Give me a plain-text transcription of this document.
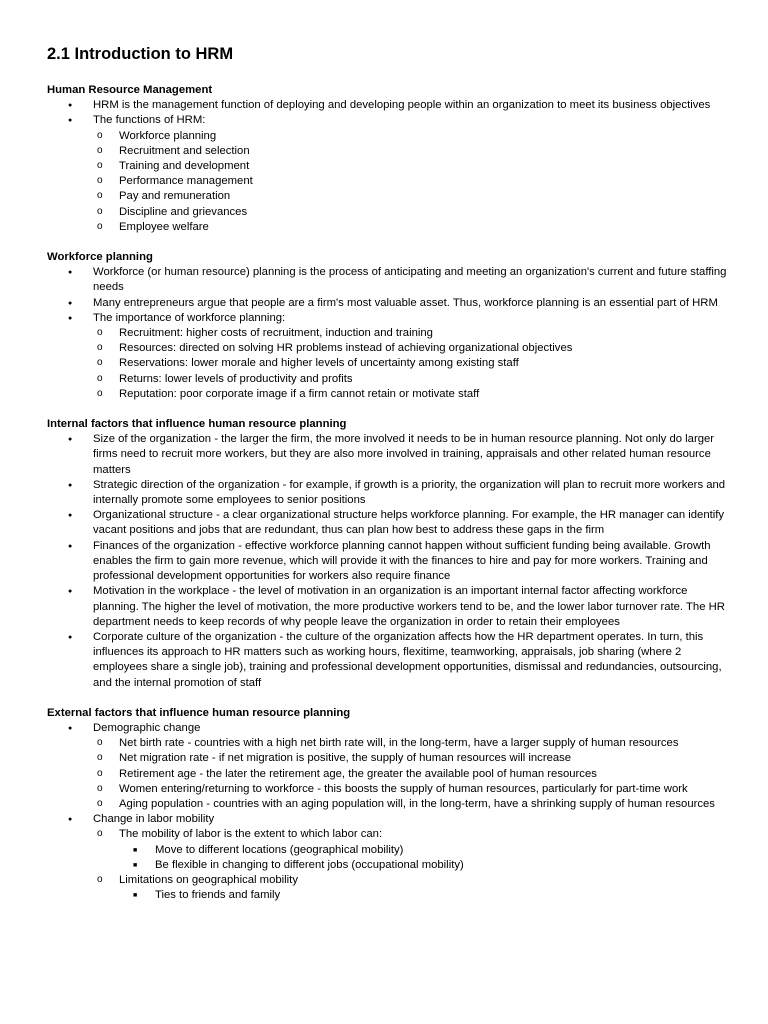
2.1 Introduction to HRM
Human Resource Management
● HRM is the management function of deploying and developing people within an organization to meet its business objectives
● The functions of HRM:
o Workforce planning
o Recruitment and selection
o Training and development
o Performance management
o Pay and remuneration
o Discipline and grievances
o Employee welfare
Workforce planning
● Workforce (or human resource) planning is the process of anticipating and meeting an organization's current and future staffing needs
● Many entrepreneurs argue that people are a firm's most valuable asset. Thus, workforce planning is an essential part of HRM
● The importance of workforce planning:
o Recruitment: higher costs of recruitment, induction and training
o Resources: directed on solving HR problems instead of achieving organizational objectives
o Reservations: lower morale and higher levels of uncertainty among existing staff
o Returns: lower levels of productivity and profits
o Reputation: poor corporate image if a firm cannot retain or motivate staff
Internal factors that influence human resource planning
● Size of the organization - the larger the firm, the more involved it needs to be in human resource planning. Not only do larger firms need to recruit more workers, but they are also more involved in training, appraisals and other related human resource matters
● Strategic direction of the organization - for example, if growth is a priority, the organization will plan to recruit more workers and internally promote some employees to senior positions
● Organizational structure - a clear organizational structure helps workforce planning. For example, the HR manager can identify vacant positions and jobs that are redundant, thus can plan how best to address these gaps in the firm
● Finances of the organization - effective workforce planning cannot happen without sufficient funding being available. Growth enables the firm to gain more revenue, which will provide it with the finances to hire and pay for more workers. Training and professional development opportunities for workers also require finance
● Motivation in the workplace - the level of motivation in an organization is an important internal factor affecting workforce planning. The higher the level of motivation, the more productive workers tend to be, and the lower labor turnover rate. The HR department needs to keep records of why people leave the organization in order to retain their employees
● Corporate culture of the organization - the culture of the organization affects how the HR department operates. In turn, this influences its approach to HR matters such as working hours, flexitime, teamworking, appraisals, job sharing (where 2 employees share a single job), training and professional development opportunities, dismissal and redundancies, outsourcing, and the internal promotion of staff
External factors that influence human resource planning
● Demographic change
o Net birth rate - countries with a high net birth rate will, in the long-term, have a larger supply of human resources
o Net migration rate - if net migration is positive, the supply of human resources will increase
o Retirement age - the later the retirement age, the greater the available pool of human resources
o Women entering/returning to workforce - this boosts the supply of human resources, particularly for part-time work
o Aging population - countries with an aging population will, in the long-term, have a shrinking supply of human resources
● Change in labor mobility
o The mobility of labor is the extent to which labor can:
■ Move to different locations (geographical mobility)
■ Be flexible in changing to different jobs (occupational mobility)
o Limitations on geographical mobility
■ Ties to friends and family
